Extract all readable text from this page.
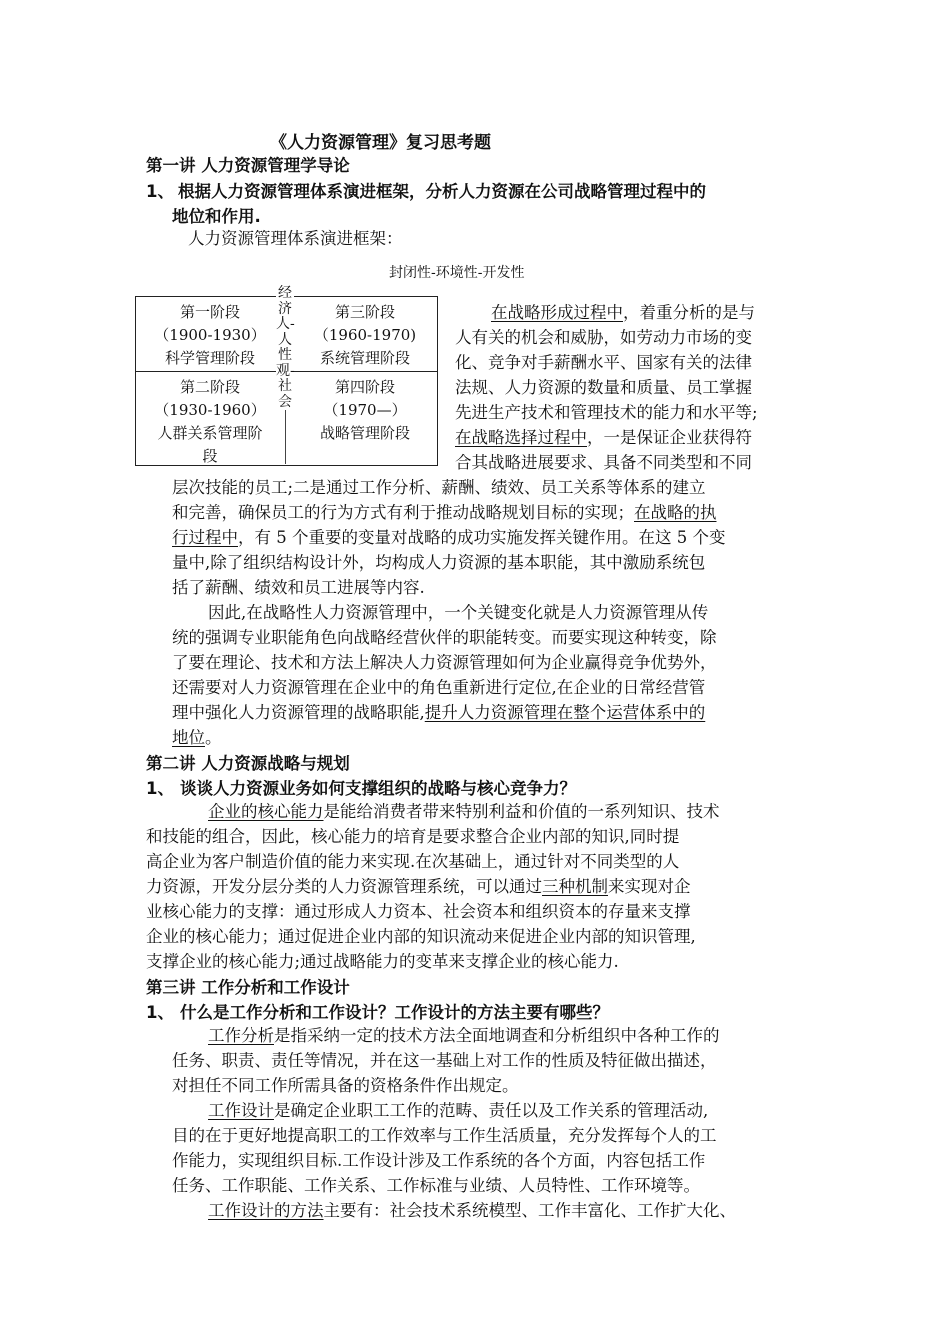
《人力资源管理》复习思考题
第一讲 人力资源管理学导论
1、 根据人力资源管理体系演进框架，分析人力资源在公司战略管理过程中的
地位和作用.
人力资源管理体系演进框架：
封闭性-环境性-开发性
第一阶段
（1900-1930）
科学管理阶段
第三阶段
（1960-1970)
系统管理阶段
第二阶段
（1930-1960）
人群关系管理阶
段
第四阶段
（1970—）
战略管理阶段
经济人-人性观-社会
在战略形成过程中，着重分析的是与
人有关的机会和威胁，如劳动力市场的变
化、竞争对手薪酬水平、国家有关的法律
法规、人力资源的数量和质量、员工掌握
先进生产技术和管理技术的能力和水平等;
在战略选择过程中，一是保证企业获得符
合其战略进展要求、具备不同类型和不同
层次技能的员工;二是通过工作分析、薪酬、绩效、员工关系等体系的建立
和完善，确保员工的行为方式有利于推动战略规划目标的实现；在战略的执
行过程中，有 5 个重要的变量对战略的成功实施发挥关键作用。在这 5 个变
量中,除了组织结构设计外，均构成人力资源的基本职能，其中激励系统包
括了薪酬、绩效和员工进展等内容.
因此,在战略性人力资源管理中，一个关键变化就是人力资源管理从传
统的强调专业职能角色向战略经营伙伴的职能转变。而要实现这种转变，除
了要在理论、技术和方法上解决人力资源管理如何为企业赢得竞争优势外，
还需要对人力资源管理在企业中的角色重新进行定位,在企业的日常经营管
理中强化人力资源管理的战略职能,提升人力资源管理在整个运营体系中的
地位。
第二讲 人力资源战略与规划
1、 谈谈人力资源业务如何支撑组织的战略与核心竞争力？
企业的核心能力是能给消费者带来特别利益和价值的一系列知识、技术
和技能的组合，因此，核心能力的培育是要求整合企业内部的知识,同时提
高企业为客户制造价值的能力来实现.在次基础上，通过针对不同类型的人
力资源，开发分层分类的人力资源管理系统，可以通过三种机制来实现对企
业核心能力的支撑：通过形成人力资本、社会资本和组织资本的存量来支撑
企业的核心能力；通过促进企业内部的知识流动来促进企业内部的知识管理,
支撑企业的核心能力;通过战略能力的变革来支撑企业的核心能力.
第三讲 工作分析和工作设计
1、 什么是工作分析和工作设计？工作设计的方法主要有哪些？
工作分析是指采纳一定的技术方法全面地调查和分析组织中各种工作的
任务、职责、责任等情况，并在这一基础上对工作的性质及特征做出描述，
对担任不同工作所需具备的资格条件作出规定。
工作设计是确定企业职工工作的范畴、责任以及工作关系的管理活动,
目的在于更好地提高职工的工作效率与工作生活质量，充分发挥每个人的工
作能力，实现组织目标.工作设计涉及工作系统的各个方面，内容包括工作
任务、工作职能、工作关系、工作标准与业绩、人员特性、工作环境等。
工作设计的方法主要有：社会技术系统模型、工作丰富化、工作扩大化、
